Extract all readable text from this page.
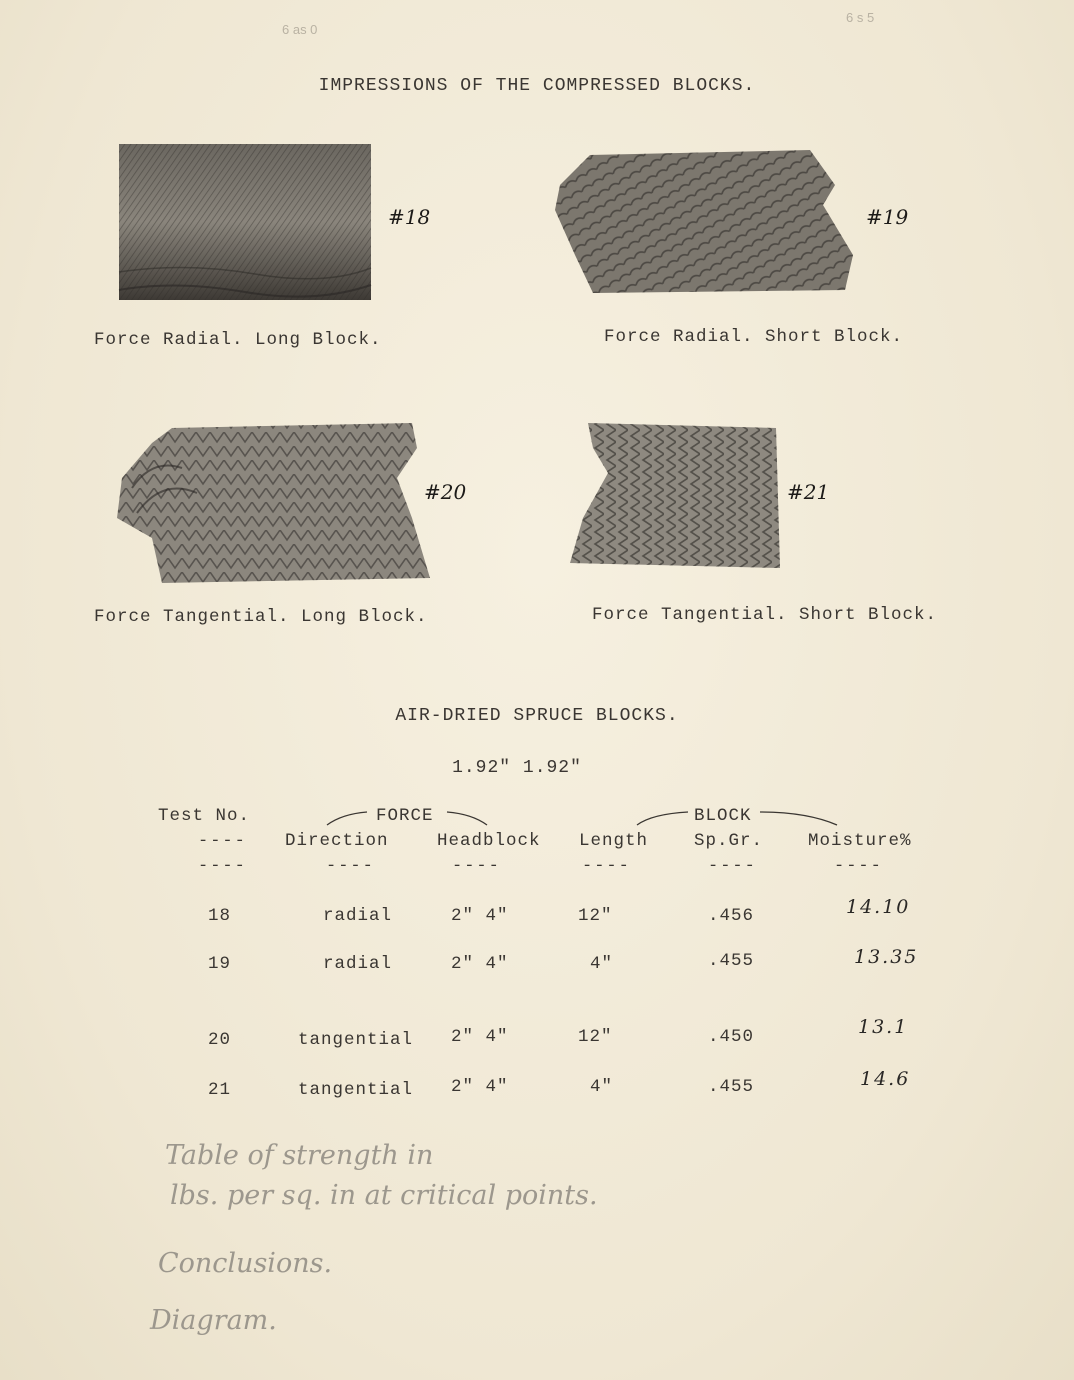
6 as 0
6 s 5
IMPRESSIONS OF THE COMPRESSED BLOCKS.
#18
Force Radial. Long Block.
#19
Force Radial. Short Block.
#20
Force Tangential. Long Block.
#21
Force Tangential. Short Block.
AIR-DRIED SPRUCE BLOCKS.
1.92" 1.92"
Test No.	FORCE	BLOCK
Direction	Headblock Length	Sp.Gr.	Moisture%
----
----	----	----	----	----	----
18	radial	2" 4"	12"	.456	14.10
19	radial	2" 4"	4"	.455	13.35
20	tangential 2" 4"	12"	.450	13.1
21	tangential 2" 4"	4"	.455	14.6
Table of strength in
lbs. per sq. in at critical points.
Conclusions.
Diagram.
